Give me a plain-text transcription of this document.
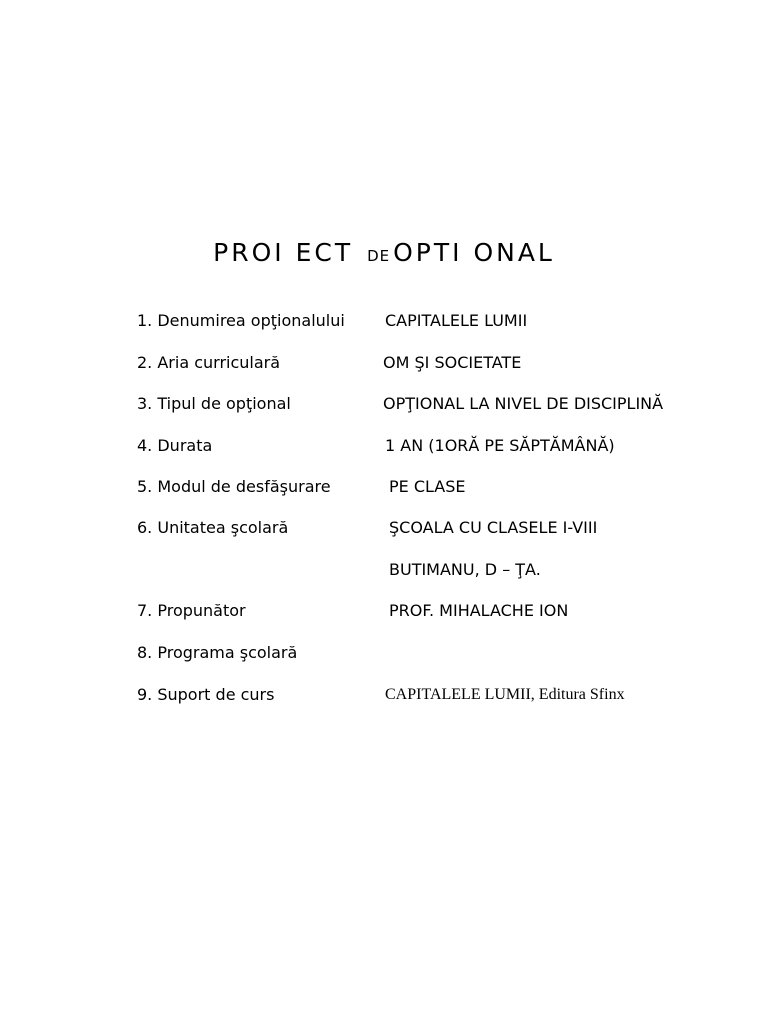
PROI ECT DE OPTI ONAL
1. Denumirea opţionalului	CAPITALELE LUMII
2. Aria curriculară	OM ŞI SOCIETATE
3. Tipul de opţional	OPŢIONAL LA NIVEL DE DISCIPLINĂ
4. Durata	1 AN (1ORĂ PE SĂPTĂMÂNĂ)
5. Modul de desfăşurare	PE CLASE
6. Unitatea şcolară	ŞCOALA CU CLASELE I-VIII
BUTIMANU, D – ŢA.
7. Propunător	PROF. MIHALACHE ION
8. Programa şcolară
9. Suport de curs	CAPITALELE LUMII, Editura Sfinx
